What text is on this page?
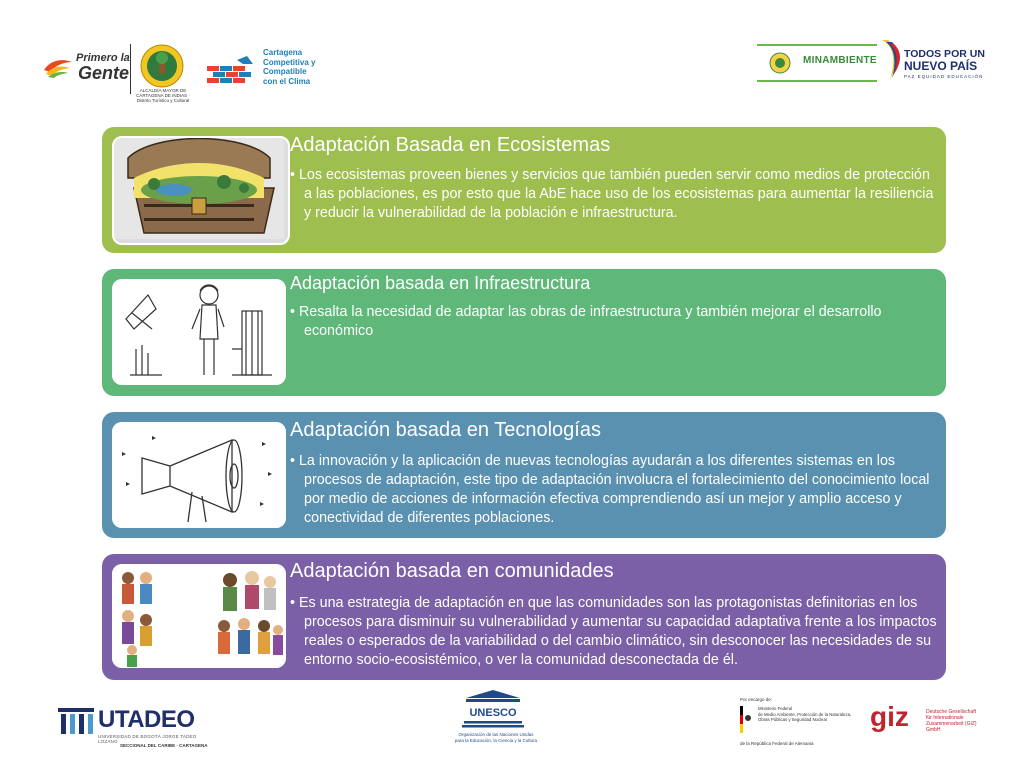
Primero la
Gente
ALCALDÍA MAYOR DE CARTAGENA DE INDIAS · Distrito Turístico y Cultural
Cartagena
Competitiva y
Compatible
con el Clima
MINAMBIENTE
TODOS POR UN
NUEVO PAÍS
PAZ EQUIDAD EDUCACIÓN
Adaptación Basada en Ecosistemas
• Los ecosistemas proveen bienes y servicios que también pueden servir como medios de protección a las poblaciones, es por esto que la AbE hace uso de los ecosistemas para aumentar la resiliencia y reducir la vulnerabilidad de la población e infraestructura.
Adaptación basada en Infraestructura
• Resalta la necesidad de adaptar las obras de infraestructura y también mejorar el desarrollo económico
Adaptación basada en Tecnologías
• La innovación y la aplicación de nuevas tecnologías ayudarán a los diferentes sistemas en los procesos de adaptación, este tipo de adaptación involucra el fortalecimiento del conocimiento local por medio de acciones de información efectiva comprendiendo así un mejor y amplio acceso y conectividad de diferentes poblaciones.
Adaptación basada en comunidades
• Es una estrategia de adaptación en que las comunidades son las protagonistas definitorias en los procesos para disminuir su vulnerabilidad y aumentar su capacidad adaptativa frente a los impactos reales o esperados de la variabilidad o del cambio climático, sin desconocer las necesidades de su entorno socio-ecosistémico, o ver la comunidad desconectada de él.
UTADEO
UNIVERSIDAD DE BOGOTÁ JORGE TADEO LOZANO
SECCIONAL DEL CARIBE · CARTAGENA
UNESCO
Organización de las Naciones Unidas
para la Educación, la Ciencia y la Cultura
Por encargo de:
Ministerio Federal
de Medio Ambiente, Protección de la Naturaleza,
Obras Públicas y Seguridad Nuclear
de la República Federal de Alemania
giz	Deutsche Gesellschaft
für Internationale
Zusammenarbeit (GIZ) GmbH
